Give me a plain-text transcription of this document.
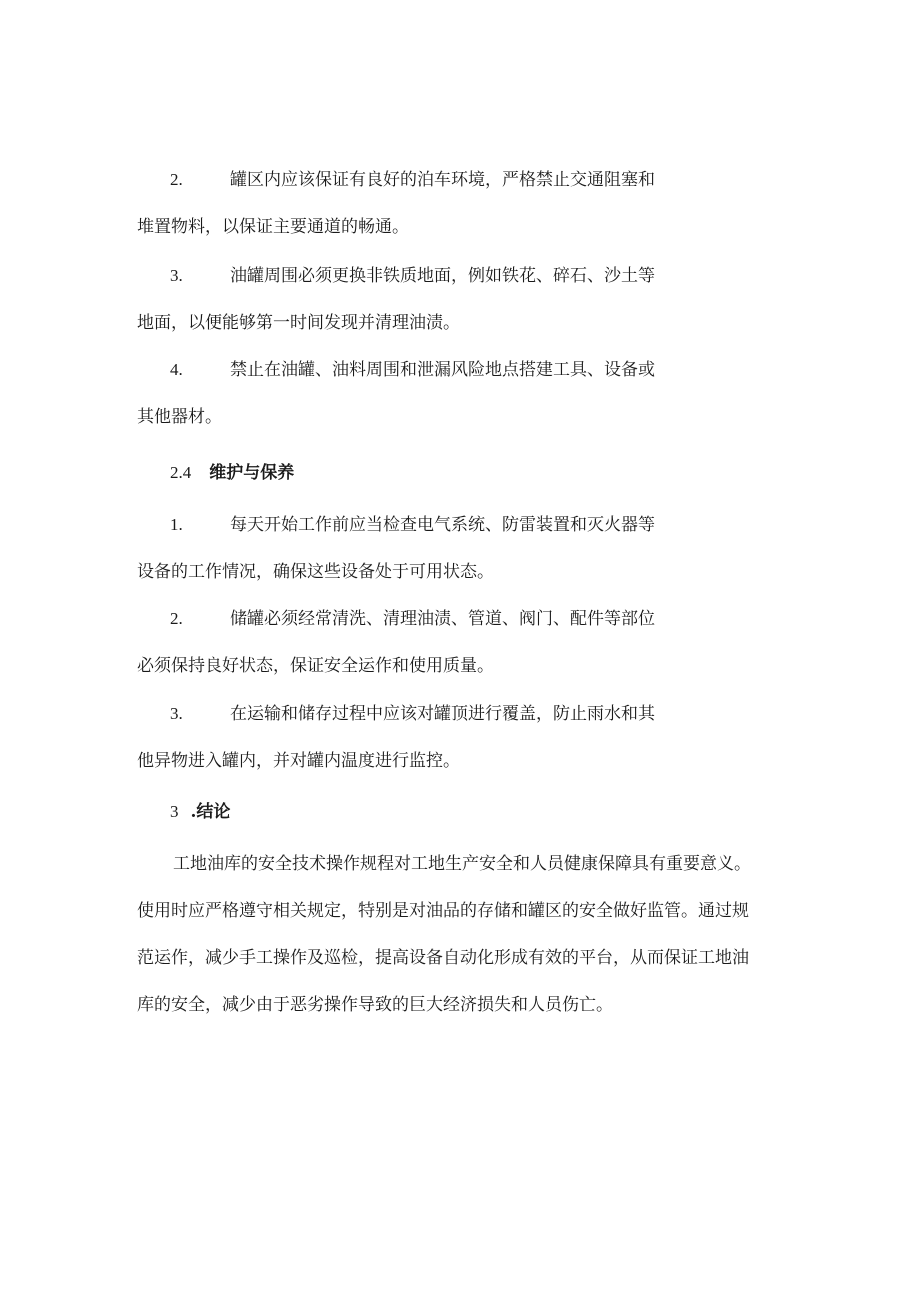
2.	罐区内应该保证有良好的泊车环境，严格禁止交通阻塞和
堆置物料，以保证主要通道的畅通。
3.	油罐周围必须更换非铁质地面，例如铁花、碎石、沙土等
地面，以便能够第一时间发现并清理油渍。
4.	禁止在油罐、油料周围和泄漏风险地点搭建工具、设备或
其他器材。
2.4 维护与保养
1.	每天开始工作前应当检查电气系统、防雷装置和灭火器等
设备的工作情况，确保这些设备处于可用状态。
2.	储罐必须经常清洗、清理油渍、管道、阀门、配件等部位
必须保持良好状态，保证安全运作和使用质量。
3.	在运输和储存过程中应该对罐顶进行覆盖，防止雨水和其
他异物进入罐内，并对罐内温度进行监控。
3 .结论
工地油库的安全技术操作规程对工地生产安全和人员健康保障具有重要意义。
使用时应严格遵守相关规定，特别是对油品的存储和罐区的安全做好监管。通过规
范运作，减少手工操作及巡检，提高设备自动化形成有效的平台，从而保证工地油
库的安全，减少由于恶劣操作导致的巨大经济损失和人员伤亡。
